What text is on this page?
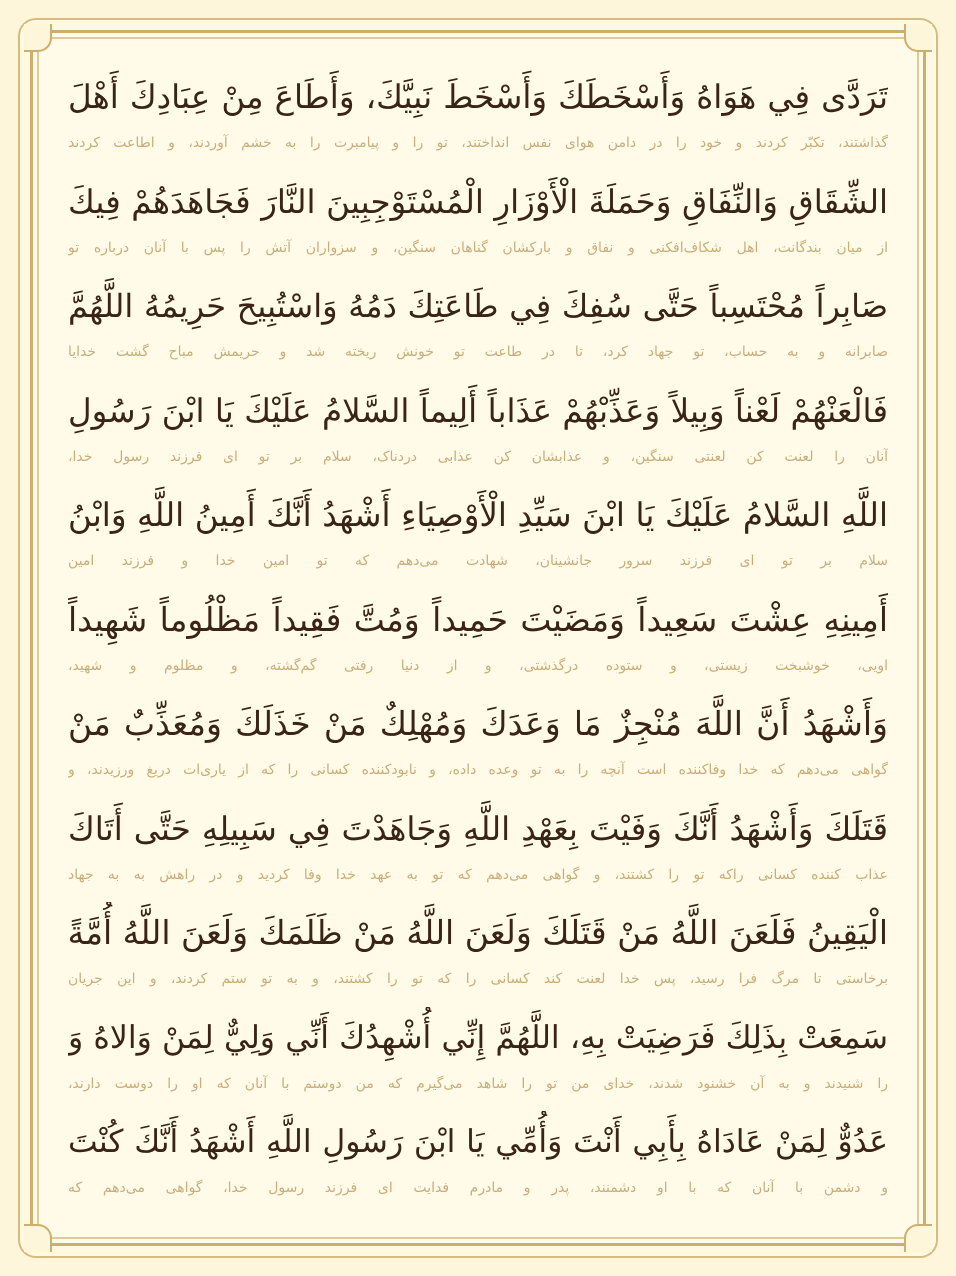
تَرَدَّى فِي هَوَاهُ وَأَسْخَطَكَ وَأَسْخَطَ نَبِيَّكَ، وَأَطَاعَ مِنْ عِبَادِكَ أَهْلَ
گذاشتند، تکبّر کردند و خود را در دامن هوای نفس انداختند، تو را و پیامبرت را به خشم آوردند، و اطاعت کردند
الشِّقَاقِ وَالنِّفَاقِ وَحَمَلَةَ الْأَوْزَارِ الْمُسْتَوْجِبِينَ النَّارَ فَجَاهَدَهُمْ فِيكَ
از میان بندگانت، اهل شکاف‌افکنی و نفاق و بارکشان گناهان سنگین، و سزواران آتش را پس با آنان درباره تو
صَابِراً مُحْتَسِباً حَتَّى سُفِكَ فِي طَاعَتِكَ دَمُهُ وَاسْتُبِيحَ حَرِيمُهُ اللَّهُمَّ
صابرانه و به حساب، تو جهاد کرد، تا در طاعت تو خونش ریخته شد و حریمش مباح گشت خدایا
فَالْعَنْهُمْ لَعْناً وَبِيلاً وَعَذِّبْهُمْ عَذَاباً أَلِيماً السَّلامُ عَلَيْكَ يَا ابْنَ رَسُولِ
آنان را لعنت کن لعنتی سنگین، و عذابشان کن عذابی دردناک، سلام بر تو ای فرزند رسول خدا،
اللَّهِ السَّلامُ عَلَيْكَ يَا ابْنَ سَيِّدِ الْأَوْصِيَاءِ أَشْهَدُ أَنَّكَ أَمِينُ اللَّهِ وَابْنُ
سلام بر تو ای فرزند سرور جانشینان، شهادت می‌دهم که تو امین خدا و فرزند امین
أَمِينِهِ عِشْتَ سَعِيداً وَمَضَيْتَ حَمِيداً وَمُتَّ فَقِيداً مَظْلُوماً شَهِيداً
اویی، خوشبخت زیستی، و ستوده درگذشتی، و از دنیا رفتی گم‌گشته، و مظلوم و شهید،
وَأَشْهَدُ أَنَّ اللَّهَ مُنْجِزٌ مَا وَعَدَكَ وَمُهْلِكٌ مَنْ خَذَلَكَ وَمُعَذِّبٌ مَنْ
گواهی می‌دهم که خدا وفاکننده است آنچه را به تو وعده داده، و نابودکننده کسانی را که از یاری‌ات دریغ ورزیدند، و
قَتَلَكَ وَأَشْهَدُ أَنَّكَ وَفَيْتَ بِعَهْدِ اللَّهِ وَجَاهَدْتَ فِي سَبِيلِهِ حَتَّى أَتَاكَ
عذاب کننده کسانی راکه تو را کشتند، و گواهی می‌دهم که تو به عهد خدا وفا کردید و در راهش به به جهاد
الْيَقِينُ فَلَعَنَ اللَّهُ مَنْ قَتَلَكَ وَلَعَنَ اللَّهُ مَنْ ظَلَمَكَ وَلَعَنَ اللَّهُ أُمَّةً
برخاستی تا مرگ فرا رسید، پس خدا لعنت کند کسانی را که تو را کشتند، و به تو ستم کردند، و این جریان
سَمِعَتْ بِذَلِكَ فَرَضِيَتْ بِهِ، اللَّهُمَّ إِنِّي أُشْهِدُكَ أَنِّي وَلِيٌّ لِمَنْ وَالاهُ وَ
را شنیدند و به آن خشنود شدند، خدای من تو را شاهد می‌گیرم که من دوستم با آنان که او را دوست دارند،
عَدُوٌّ لِمَنْ عَادَاهُ بِأَبِي أَنْتَ وَأُمِّي يَا ابْنَ رَسُولِ اللَّهِ أَشْهَدُ أَنَّكَ كُنْتَ
و دشمن با آنان که با او دشمنند، پدر و مادرم فدایت ای فرزند رسول خدا، گواهی می‌دهم که
